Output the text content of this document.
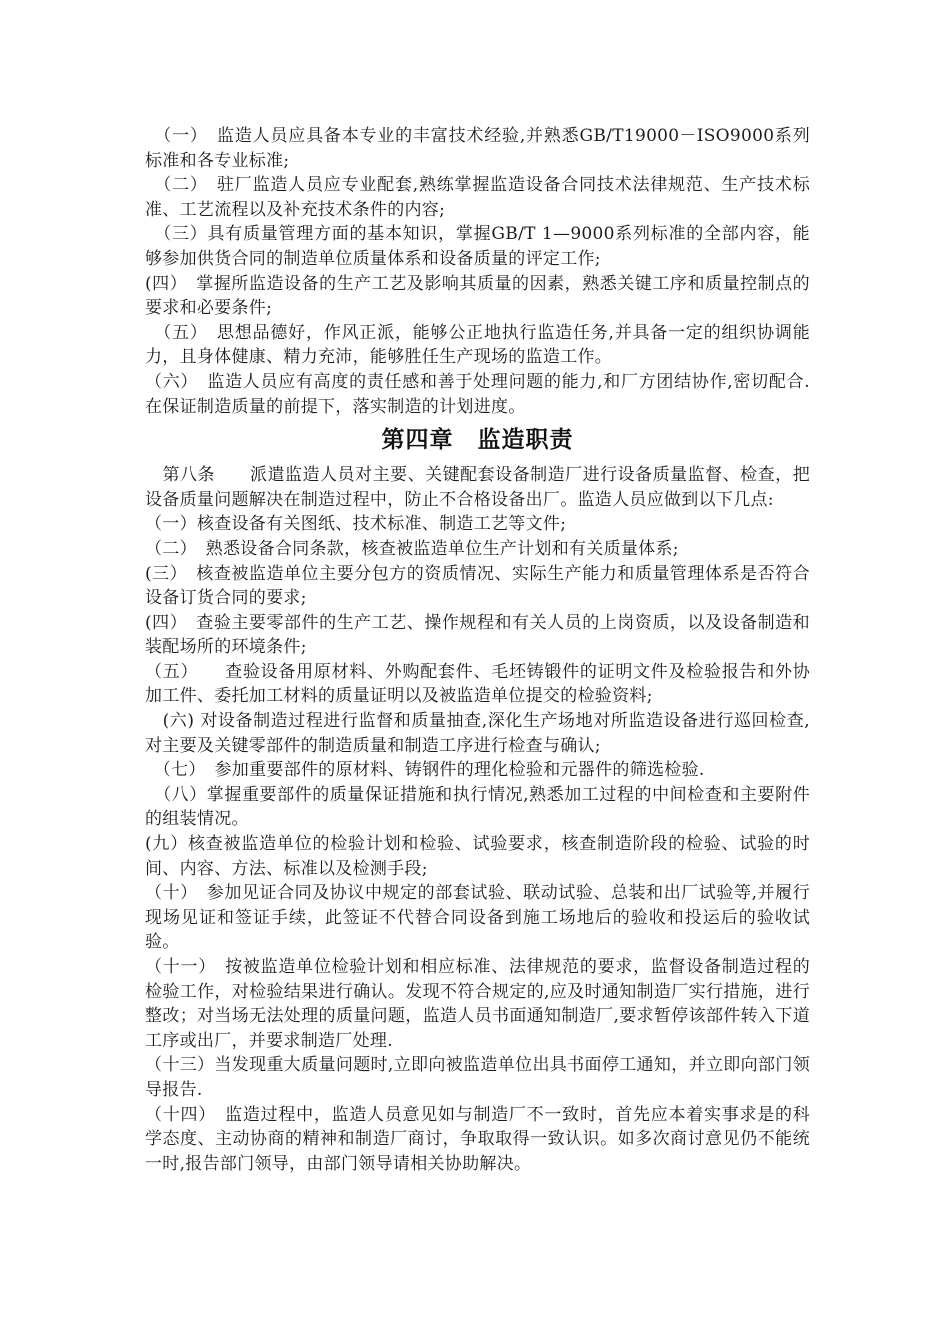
　（一）　监造人员应具备本专业的丰富技术经验,并熟悉GB/T19000－ISO9000系列标准和各专业标准;

　（二）　驻厂监造人员应专业配套,熟练掌握监造设备合同技术法律规范、生产技术标准、工艺流程以及补充技术条件的内容;

　（三）具有质量管理方面的基本知识，掌握GB/T 1—9000系列标准的全部内容，能够参加供货合同的制造单位质量体系和设备质量的评定工作;

(四）　掌握所监造设备的生产工艺及影响其质量的因素，熟悉关键工序和质量控制点的要求和必要条件;

　（五）　思想品德好，作风正派，能够公正地执行监造任务,并具备一定的组织协调能力，且身体健康、精力充沛，能够胜任生产现场的监造工作。

（六）　监造人员应有高度的责任感和善于处理问题的能力,和厂方团结协作,密切配合.在保证制造质量的前提下，落实制造的计划进度。

第四章　监造职责

　第八条　　派遣监造人员对主要、关键配套设备制造厂进行设备质量监督、检查，把设备质量问题解决在制造过程中，防止不合格设备出厂。监造人员应做到以下几点:

（一）核查设备有关图纸、技术标准、制造工艺等文件;

（二）　熟悉设备合同条款，核查被监造单位生产计划和有关质量体系;

(三）　核查被监造单位主要分包方的资质情况、实际生产能力和质量管理体系是否符合设备订货合同的要求;

(四）　查验主要零部件的生产工艺、操作规程和有关人员的上岗资质，以及设备制造和装配场所的环境条件;

（五）　　查验设备用原材料、外购配套件、毛坯铸锻件的证明文件及检验报告和外协加工件、委托加工材料的质量证明以及被监造单位提交的检验资料;

　(六) 对设备制造过程进行监督和质量抽查,深化生产场地对所监造设备进行巡回检查,对主要及关键零部件的制造质量和制造工序进行检查与确认;

　（七）　参加重要部件的原材料、铸钢件的理化检验和元器件的筛选检验.

　（八）掌握重要部件的质量保证措施和执行情况,熟悉加工过程的中间检查和主要附件的组装情况。

(九）核查被监造单位的检验计划和检验、试验要求，核查制造阶段的检验、试验的时间、内容、方法、标准以及检测手段;

（十）　参加见证合同及协议中规定的部套试验、联动试验、总装和出厂试验等,并履行现场见证和签证手续，此签证不代替合同设备到施工场地后的验收和投运后的验收试验。

（十一）　按被监造单位检验计划和相应标准、法律规范的要求，监督设备制造过程的检验工作，对检验结果进行确认。发现不符合规定的,应及时通知制造厂实行措施，进行整改；对当场无法处理的质量问题，监造人员书面通知制造厂,要求暂停该部件转入下道工序或出厂，并要求制造厂处理.

（十三）当发现重大质量问题时,立即向被监造单位出具书面停工通知，并立即向部门领导报告.

（十四）　监造过程中，监造人员意见如与制造厂不一致时，首先应本着实事求是的科学态度、主动协商的精神和制造厂商讨，争取取得一致认识。如多次商讨意见仍不能统一时,报告部门领导，由部门领导请相关协助解决。
